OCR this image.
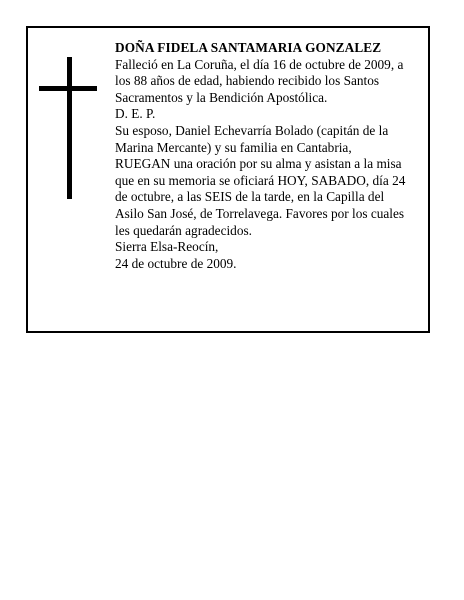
DOÑA FIDELA SANTAMARIA GONZALEZ

Falleció en La Coruña, el día 16 de octubre de 2009, a

los 88 años de edad, habiendo recibido los Santos

Sacramentos y la Bendición Apostólica.

D. E. P.

Su esposo, Daniel Echevarría Bolado (capitán de la

Marina Mercante) y su familia en Cantabria,

RUEGAN una oración por su alma y asistan a la misa

que en su memoria se oficiará HOY, SABADO, día 24

de octubre, a las SEIS de la tarde, en la Capilla del

Asilo San José, de Torrelavega. Favores por los cuales

les quedarán agradecidos.

Sierra Elsa-Reocín,

24 de octubre de 2009.
